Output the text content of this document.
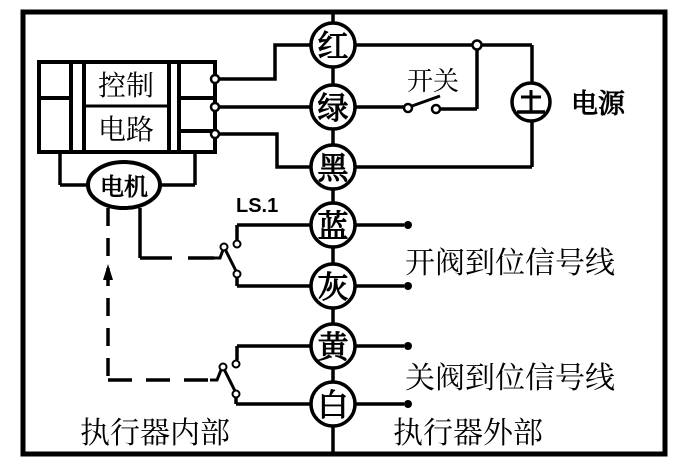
控制
电路
电机
LS.1
红
绿
黑
蓝
灰
黄
白
开关
电源
开阀到位信号线
关阀到位信号线
执行器内部	执行器外部
